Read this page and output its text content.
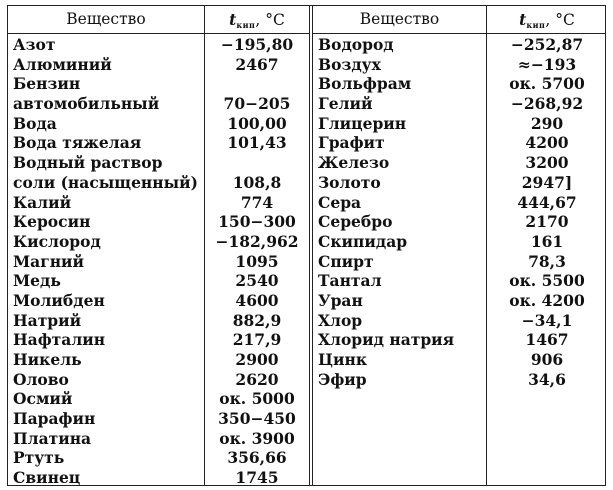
Вещество	$t_{кип}$, °C
Азот	−195,80
Алюминий	2467
Бензин
автомобильный	70−205
Вода	100,00
Вода тяжелая	101,43
Водный раствор
соли (насыщенный)	108,8
Калий	774
Керосин	150−300
Кислород	−182,962
Магний	1095
Медь	2540
Молибден	4600
Натрий	882,9
Нафталин	217,9
Никель	2900
Олово	2620
Осмий	ок. 5000
Парафин	350−450
Платина	ок. 3900
Ртуть	356,66
Свинец	1745
Вещество	$t_{кип}$, °C
Водород	−252,87
Воздух	≈−193
Вольфрам	ок. 5700
Гелий	−268,92
Глицерин	290
Графит	4200
Железо	3200
Золото	2947]
Сера	444,67
Серебро	2170
Скипидар	161
Спирт	78,3
Тантал	ок. 5500
Уран	ок. 4200
Хлор	−34,1
Хлорид натрия	1467
Цинк	906
Эфир	34,6
